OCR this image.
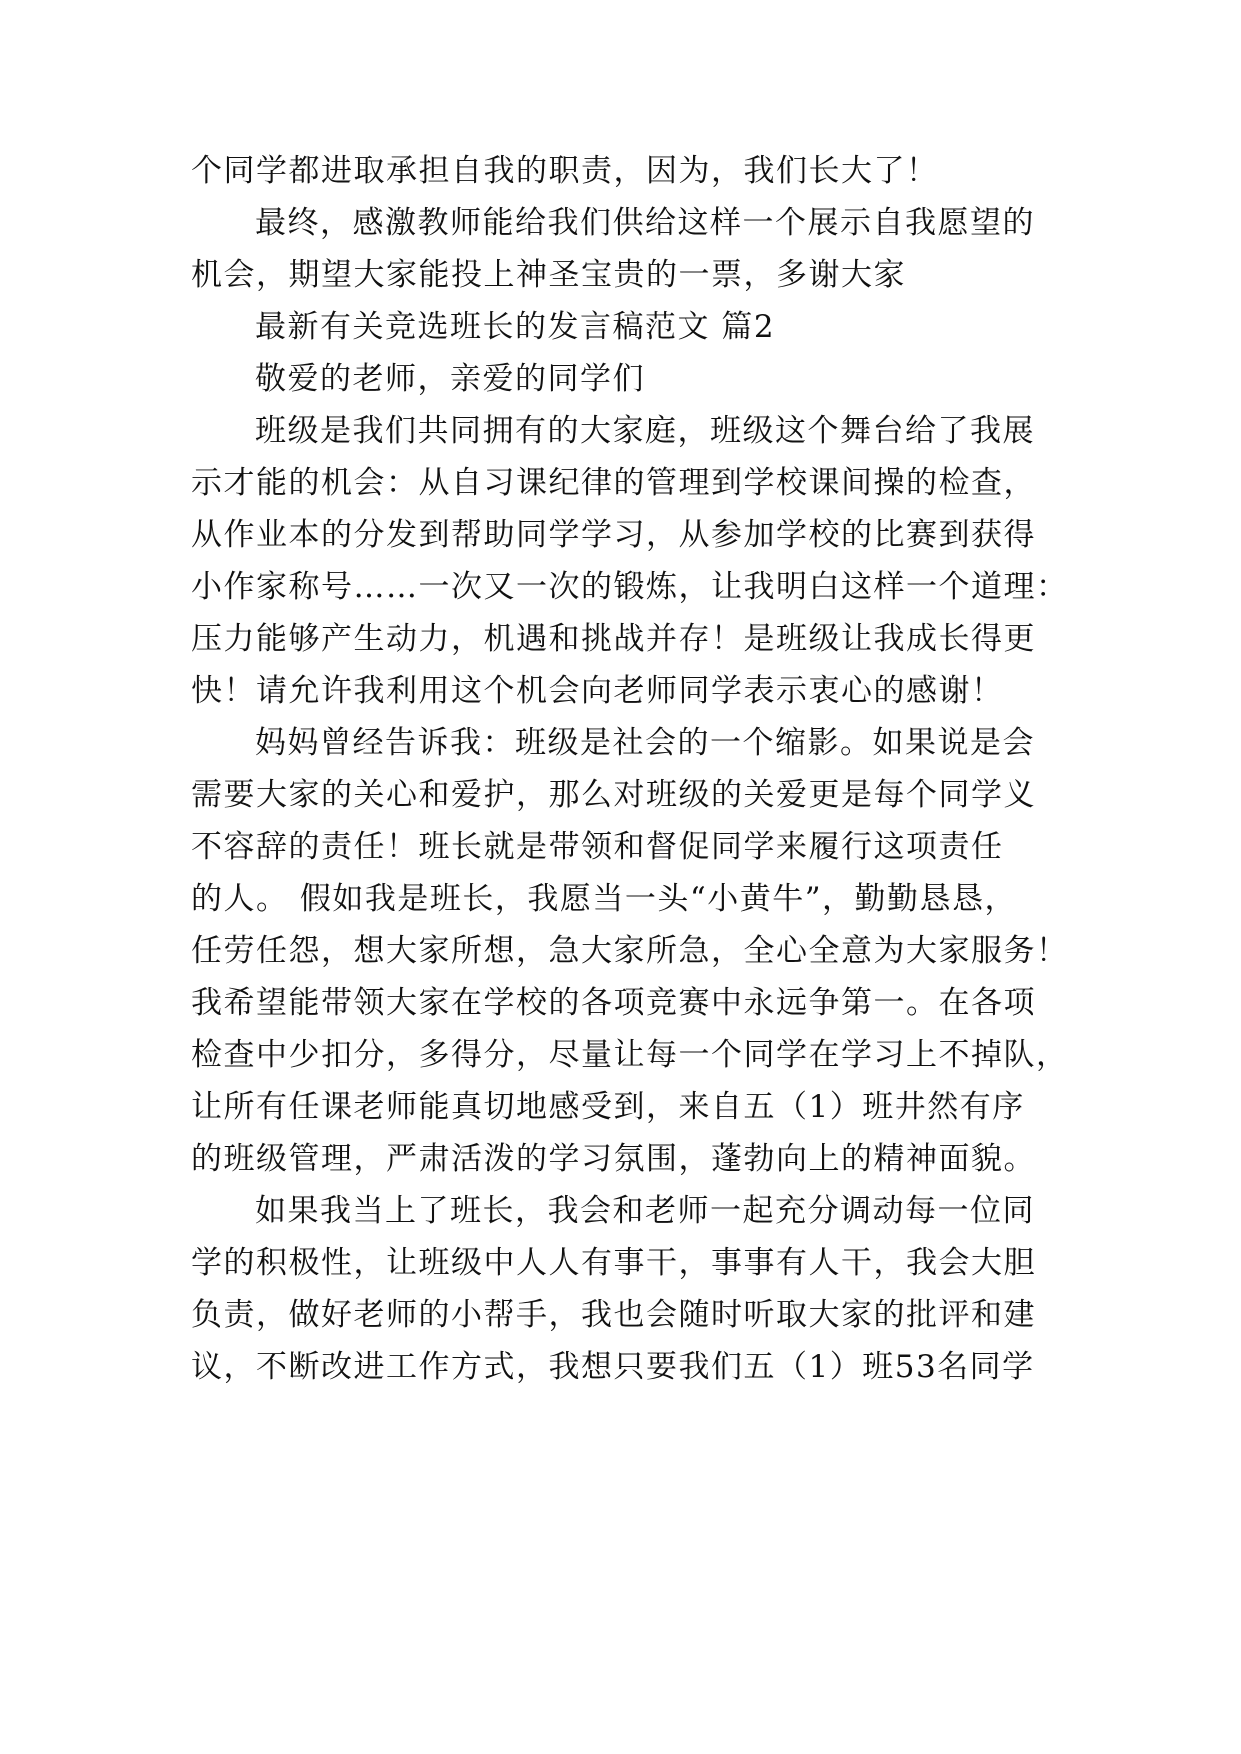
个同学都进取承担自我的职责，因为，我们长大了！
最终，感激教师能给我们供给这样一个展示自我愿望的
机会，期望大家能投上神圣宝贵的一票，多谢大家
最新有关竞选班长的发言稿范文 篇2
敬爱的老师，亲爱的同学们
班级是我们共同拥有的大家庭，班级这个舞台给了我展
示才能的机会：从自习课纪律的管理到学校课间操的检查，
从作业本的分发到帮助同学学习，从参加学校的比赛到获得
小作家称号……一次又一次的锻炼，让我明白这样一个道理：
压力能够产生动力，机遇和挑战并存！是班级让我成长得更
快！请允许我利用这个机会向老师同学表示衷心的感谢！
妈妈曾经告诉我：班级是社会的一个缩影。如果说是会
需要大家的关心和爱护，那么对班级的关爱更是每个同学义
不容辞的责任！班长就是带领和督促同学来履行这项责任
的人。 假如我是班长，我愿当一头“小黄牛”，勤勤恳恳，
任劳任怨，想大家所想，急大家所急，全心全意为大家服务！
我希望能带领大家在学校的各项竞赛中永远争第一。在各项
检查中少扣分，多得分，尽量让每一个同学在学习上不掉队，
让所有任课老师能真切地感受到，来自五（1）班井然有序
的班级管理，严肃活泼的学习氛围，蓬勃向上的精神面貌。
如果我当上了班长，我会和老师一起充分调动每一位同
学的积极性，让班级中人人有事干，事事有人干，我会大胆
负责，做好老师的小帮手，我也会随时听取大家的批评和建
议，不断改进工作方式，我想只要我们五（1）班53名同学
